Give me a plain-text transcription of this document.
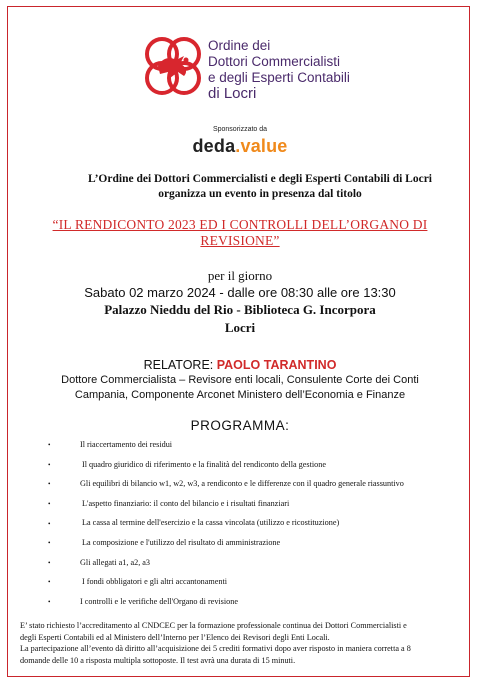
Ordine dei
Dottori Commercialisti
e degli Esperti Contabili
di Locri
Sponsorizzato da
deda.value
L’Ordine dei Dottori Commercialisti e degli Esperti Contabili di Locri
organizza un evento in presenza dal titolo
“IL RENDICONTO 2023 ED I CONTROLLI DELL’ORGANO DI
REVISIONE”
per il giorno
Sabato 02 marzo 2024 - dalle ore 08:30 alle ore 13:30
Palazzo Nieddu del Rio - Biblioteca G. Incorpora
Locri
RELATORE: PAOLO TARANTINO
Dottore Commercialista – Revisore enti locali, Consulente Corte dei Conti
Campania, Componente Arconet Ministero dell’Economia e Finanze
PROGRAMMA:
•	Il riaccertamento dei residui
•	Il quadro giuridico di riferimento e la finalità del rendiconto della gestione
•	Gli equilibri di bilancio w1, w2, w3, a rendiconto e le differenze con il quadro generale riassuntivo
•	L'aspetto finanziario: il conto del bilancio e i risultati finanziari
•	La cassa al termine dell'esercizio e la cassa vincolata (utilizzo e ricostituzione)
•	La composizione e l'utilizzo del risultato di amministrazione
•	Gli allegati a1, a2, a3
•	I fondi obbligatori e gli altri accantonamenti
•	I controlli e le verifiche dell'Organo di revisione
E’ stato richiesto l’accreditamento al CNDCEC per la formazione professionale continua dei Dottori Commercialisti e
degli Esperti Contabili ed al Ministero dell’Interno per l’Elenco dei Revisori degli Enti Locali.
La partecipazione all’evento dà diritto all’acquisizione dei 5 crediti formativi dopo aver risposto in maniera corretta a 8
domande delle 10 a risposta multipla sottoposte. Il test avrà una durata di 15 minuti.
